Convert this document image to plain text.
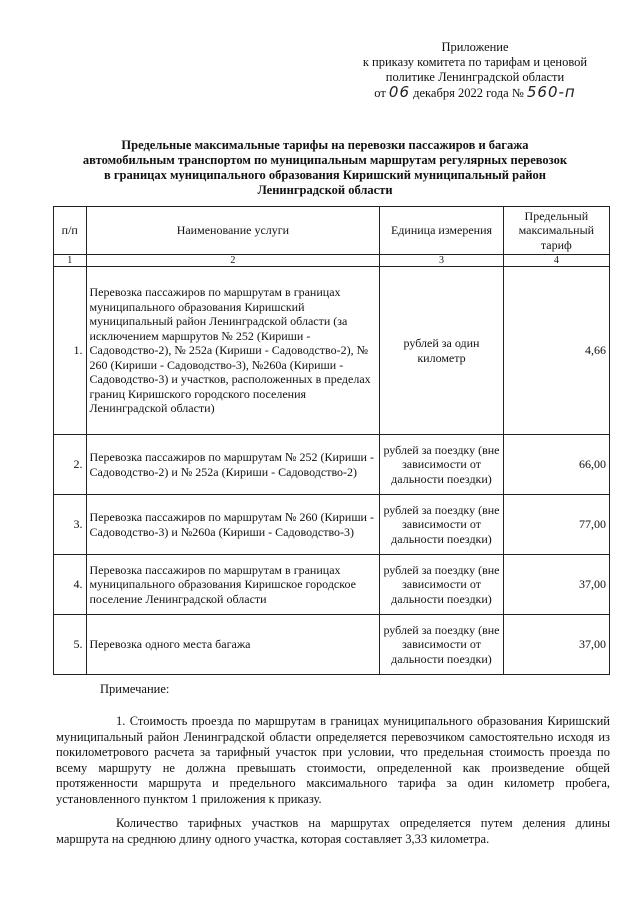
Приложение
к приказу комитета по тарифам и ценовой
политике Ленинградской области
от 06 декабря 2022 года № 560-п
Предельные максимальные тарифы на перевозки пассажиров и багажа
автомобильным транспортом по муниципальным маршрутам регулярных перевозок
в границах муниципального образования Киришский муниципальный район
Ленинградской области
п/п	Наименование услуги	Единица измерения	Предельный максимальный тариф
1	2	3	4
1.	Перевозка пассажиров по маршрутам в границах муниципального образования Киришский муниципальный район Ленинградской области (за исключением маршрутов № 252 (Кириши - Садоводство-2), № 252а (Кириши - Садоводство-2), № 260 (Кириши - Садоводство-3), №260а (Кириши - Садоводство-3) и участков, расположенных в пределах границ Киришского городского поселения Ленинградской области)	рублей за один километр	4,66
2.	Перевозка пассажиров по маршрутам № 252 (Кириши - Садоводство-2) и № 252а (Кириши - Садоводство-2)	рублей за поездку (вне зависимости от дальности поездки)	66,00
3.	Перевозка пассажиров по маршрутам № 260 (Кириши - Садоводство-3) и №260а (Кириши - Садоводство-3)	рублей за поездку (вне зависимости от дальности поездки)	77,00
4.	Перевозка пассажиров по маршрутам в границах муниципального образования Киришское городское поселение Ленинградской области	рублей за поездку (вне зависимости от дальности поездки)	37,00
5.	Перевозка одного места багажа	рублей за поездку (вне зависимости от дальности поездки)	37,00
Примечание:

1. Стоимость проезда по маршрутам в границах муниципального образования Киришский муниципальный район Ленинградской области определяется перевозчиком самостоятельно исходя из покилометрового расчета за тарифный участок при условии, что предельная стоимость проезда по всему маршруту не должна превышать стоимости, определенной как произведение общей протяженности маршрута и предельного максимального тарифа за один километр пробега, установленного пунктом 1 приложения к приказу.

Количество тарифных участков на маршрутах определяется путем деления длины маршрута на среднюю длину одного участка, которая составляет 3,33 километра.
